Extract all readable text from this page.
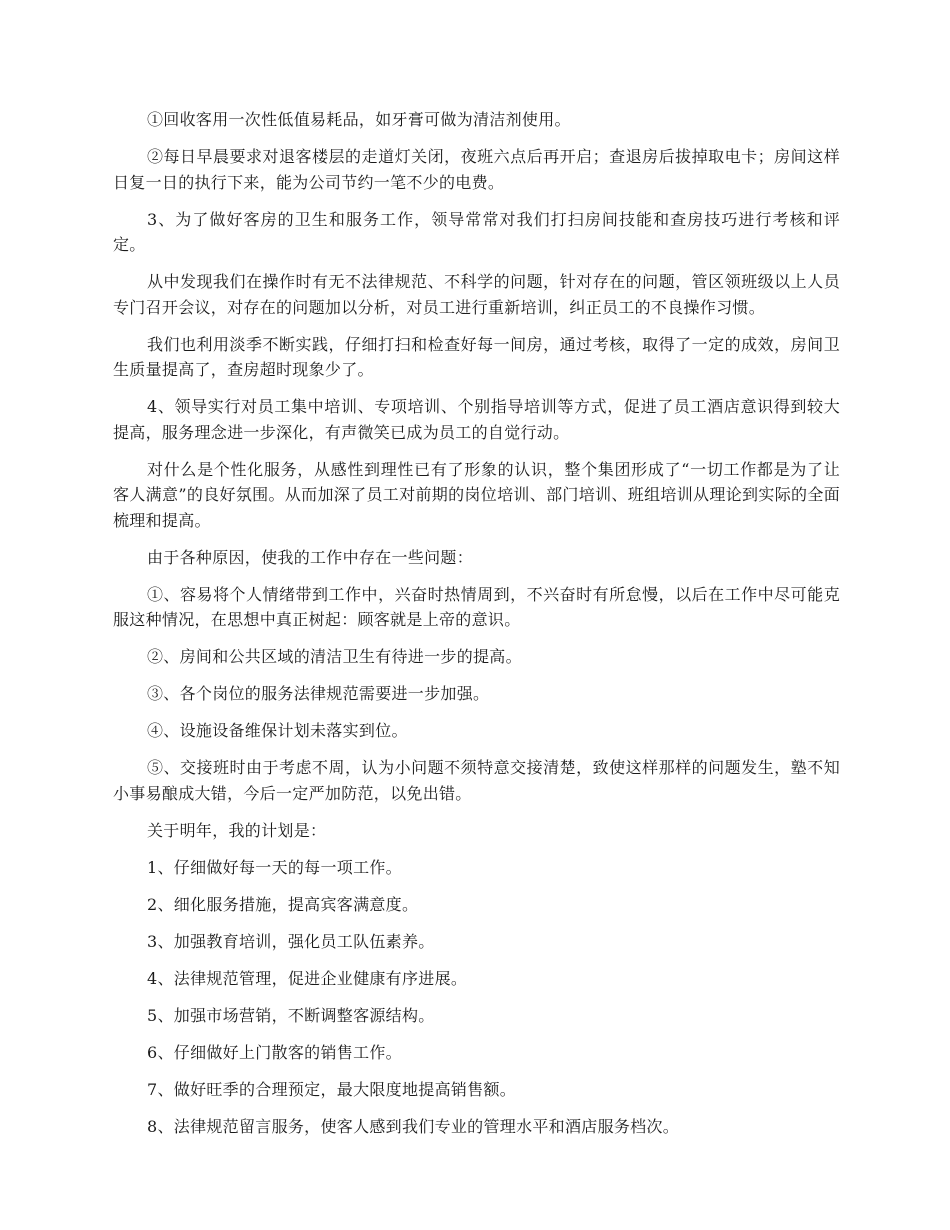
①回收客用一次性低值易耗品，如牙膏可做为清洁剂使用。

②每日早晨要求对退客楼层的走道灯关闭，夜班六点后再开启；查退房后拔掉取电卡；房间这样日复一日的执行下来，能为公司节约一笔不少的电费。

3、为了做好客房的卫生和服务工作，领导常常对我们打扫房间技能和查房技巧进行考核和评定。

从中发现我们在操作时有无不法律规范、不科学的问题，针对存在的问题，管区领班级以上人员专门召开会议，对存在的问题加以分析，对员工进行重新培训，纠正员工的不良操作习惯。

我们也利用淡季不断实践，仔细打扫和检查好每一间房，通过考核，取得了一定的成效，房间卫生质量提高了，查房超时现象少了。

4、领导实行对员工集中培训、专项培训、个别指导培训等方式，促进了员工酒店意识得到较大提高，服务理念进一步深化，有声微笑已成为员工的自觉行动。

对什么是个性化服务，从感性到理性已有了形象的认识，整个集团形成了“一切工作都是为了让客人满意”的良好氛围。从而加深了员工对前期的岗位培训、部门培训、班组培训从理论到实际的全面梳理和提高。

由于各种原因，使我的工作中存在一些问题：

①、容易将个人情绪带到工作中，兴奋时热情周到，不兴奋时有所怠慢，以后在工作中尽可能克服这种情况，在思想中真正树起：顾客就是上帝的意识。

②、房间和公共区域的清洁卫生有待进一步的提高。

③、各个岗位的服务法律规范需要进一步加强。

④、设施设备维保计划未落实到位。

⑤、交接班时由于考虑不周，认为小问题不须特意交接清楚，致使这样那样的问题发生，塾不知小事易酿成大错，今后一定严加防范，以免出错。

关于明年，我的计划是：

1、仔细做好每一天的每一项工作。

2、细化服务措施，提高宾客满意度。

3、加强教育培训，强化员工队伍素养。

4、法律规范管理，促进企业健康有序进展。

5、加强市场营销，不断调整客源结构。

6、仔细做好上门散客的销售工作。

7、做好旺季的合理预定，最大限度地提高销售额。

8、法律规范留言服务，使客人感到我们专业的管理水平和酒店服务档次。
